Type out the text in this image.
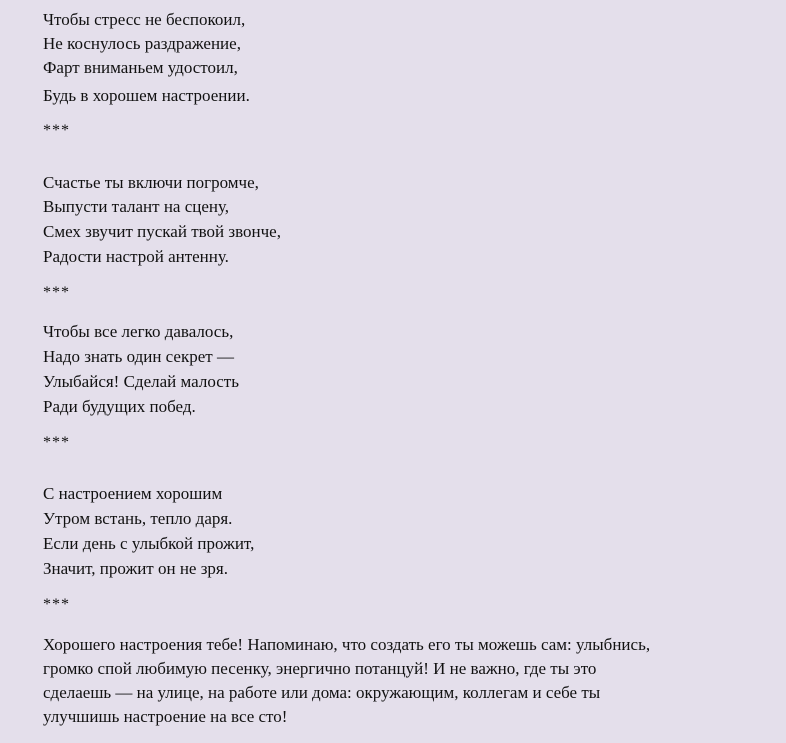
Чтобы стресс не беспокоил,
Не коснулось раздражение,
Фарт вниманьем удостоил,
Будь в хорошем настроении.
***
Счастье ты включи погромче,
Выпусти талант на сцену,
Смех звучит пускай твой звонче,
Радости настрой антенну.
***
Чтобы все легко давалось,
Надо знать один секрет —
Улыбайся! Сделай малость
Ради будущих побед.
***
С настроением хорошим
Утром встань, тепло даря.
Если день с улыбкой прожит,
Значит, прожит он не зря.
***
Хорошего настроения тебе! Напоминаю, что создать его ты можешь сам: улыбнись,
громко спой любимую песенку, энергично потанцуй! И не важно, где ты это
сделаешь — на улице, на работе или дома: окружающим, коллегам и себе ты
улучшишь настроение на все сто!
